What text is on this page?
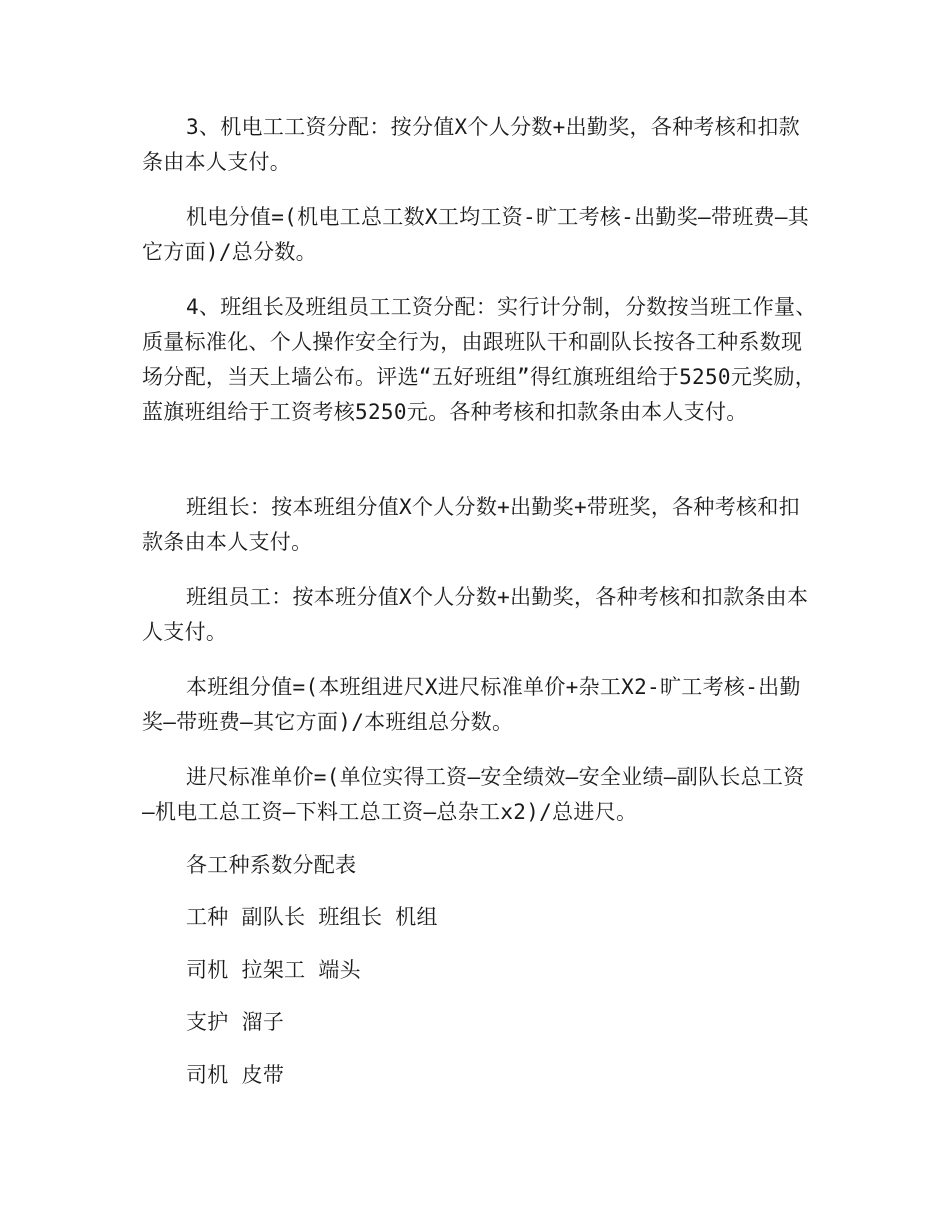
3、机电工工资分配：按分值X个人分数+出勤奖，各种考核和扣款条由本人支付。

机电分值=(机电工总工数X工均工资-旷工考核-出勤奖—带班费—其它方面)/总分数。

4、班组长及班组员工工资分配：实行计分制，分数按当班工作量、质量标准化、个人操作安全行为，由跟班队干和副队长按各工种系数现场分配，当天上墙公布。评选“五好班组”得红旗班组给于5250元奖励，蓝旗班组给于工资考核5250元。各种考核和扣款条由本人支付。

班组长：按本班组分值X个人分数+出勤奖+带班奖，各种考核和扣款条由本人支付。

班组员工：按本班分值X个人分数+出勤奖，各种考核和扣款条由本人支付。

本班组分值=(本班组进尺X进尺标准单价+杂工X2-旷工考核-出勤奖—带班费—其它方面)/本班组总分数。

进尺标准单价=(单位实得工资—安全绩效—安全业绩—副队长总工资—机电工总工资—下料工总工资—总杂工x2)/总进尺。

各工种系数分配表

工种 副队长 班组长 机组

司机 拉架工 端头

支护 溜子

司机 皮带
